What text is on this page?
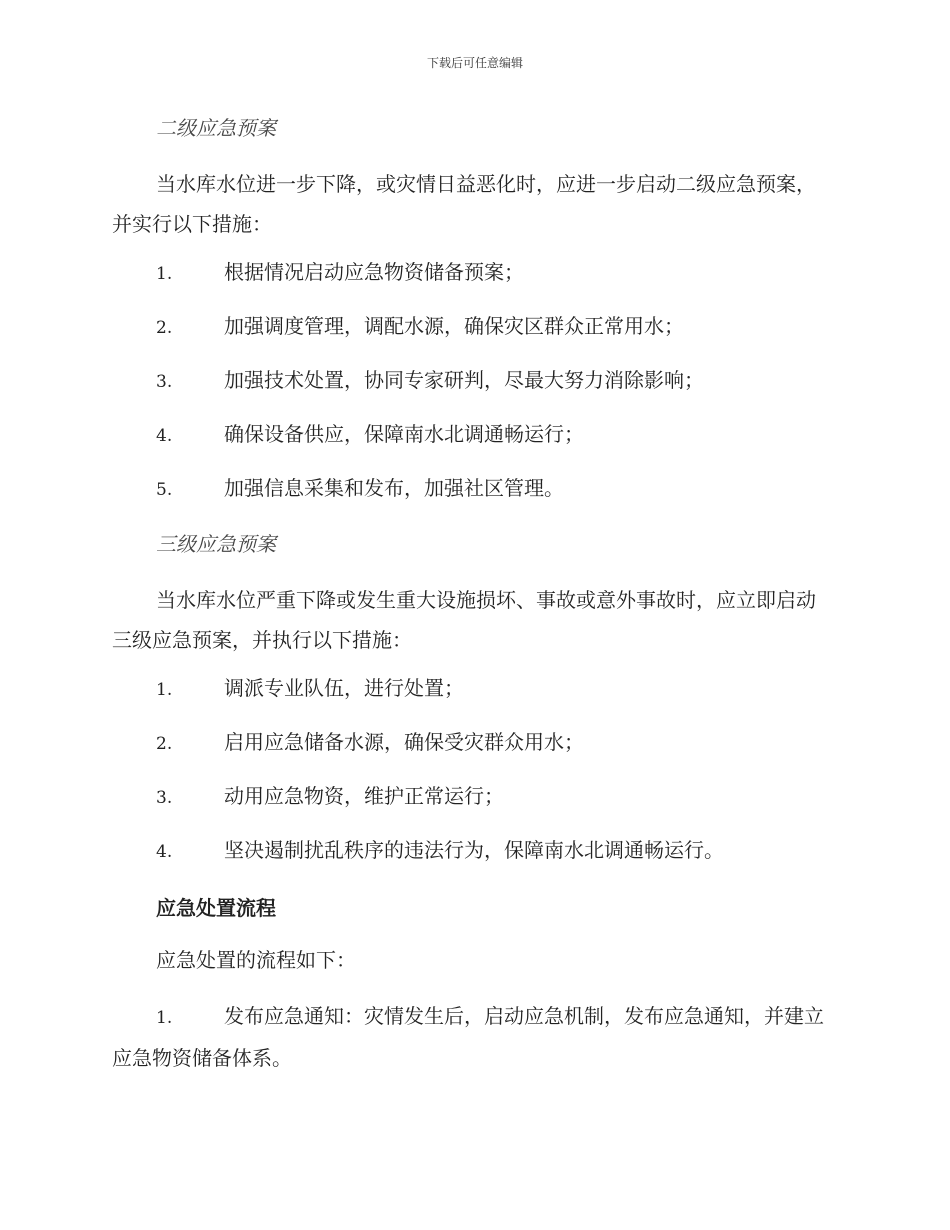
下载后可任意编辑
二级应急预案

当水库水位进一步下降，或灾情日益恶化时，应进一步启动二级应急预案，并实行以下措施：

1.	根据情况启动应急物资储备预案；
2.	加强调度管理，调配水源，确保灾区群众正常用水；
3.	加强技术处置，协同专家研判，尽最大努力消除影响；
4.	确保设备供应，保障南水北调通畅运行；
5.	加强信息采集和发布，加强社区管理。
三级应急预案

当水库水位严重下降或发生重大设施损坏、事故或意外事故时，应立即启动三级应急预案，并执行以下措施：

1.	调派专业队伍，进行处置；
2.	启用应急储备水源，确保受灾群众用水；
3.	动用应急物资，维护正常运行；
4.	坚决遏制扰乱秩序的违法行为，保障南水北调通畅运行。
应急处置流程
应急处置的流程如下：
1.	发布应急通知：灾情发生后，启动应急机制，发布应急通知，并建立应急物资储备体系。
